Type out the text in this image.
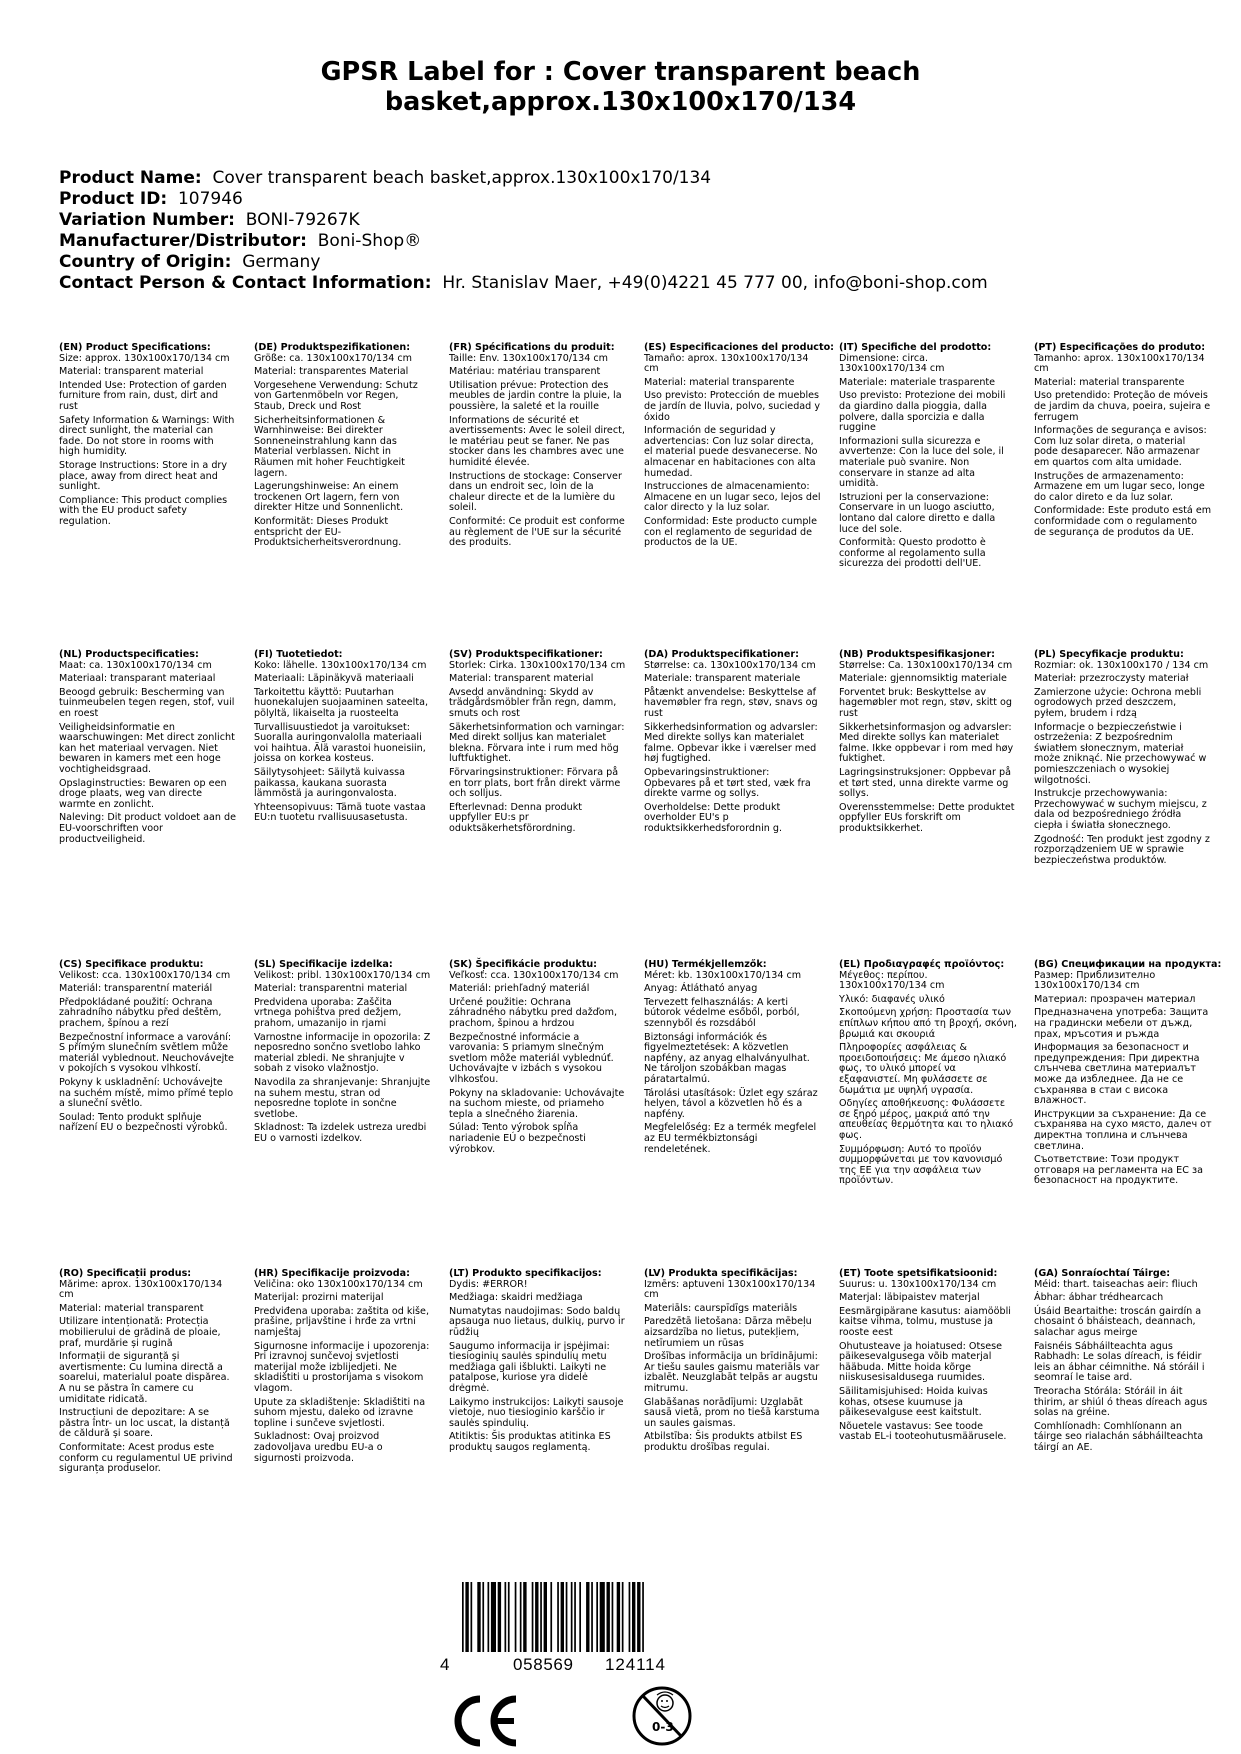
GPSR Label for : Cover transparent beach basket,approx.130x100x170/134
Product Name: Cover transparent beach basket,approx.130x100x170/134
Product ID: 107946
Variation Number: BONI-79267K
Manufacturer/Distributor: Boni-Shop®
Country of Origin: Germany
Contact Person & Contact Information: Hr. Stanislav Maer, +49(0)4221 45 777 00, info@boni-shop.com
(EN) Product Specifications:
Size: approx. 130x100x170/134 cm
Material: transparent material
Intended Use: Protection of garden furniture from rain, dust, dirt and rust
Safety Information & Warnings: With direct sunlight, the material can fade. Do not store in rooms with high humidity.
Storage Instructions: Store in a dry place, away from direct heat and sunlight.
Compliance: This product complies with the EU product safety regulation.
(DE) Produktspezifikationen:
Größe: ca. 130x100x170/134 cm
Material: transparentes Material
Vorgesehene Verwendung: Schutz von Gartenmöbeln vor Regen, Staub, Dreck und Rost
Sicherheitsinformationen & Warnhinweise: Bei direkter Sonneneinstrahlung kann das Material verblassen. Nicht in Räumen mit hoher Feuchtigkeit lagern.
Lagerungshinweise: An einem trockenen Ort lagern, fern von direkter Hitze und Sonnenlicht.
Konformität: Dieses Produkt entspricht der EU-Produktsicherheitsverordnung.
(FR) Spécifications du produit:
Taille: Env. 130x100x170/134 cm
Matériau: matériau transparent
Utilisation prévue: Protection des meubles de jardin contre la pluie, la poussière, la saleté et la rouille
Informations de sécurité et avertissements: Avec le soleil direct, le matériau peut se faner. Ne pas stocker dans les chambres avec une humidité élevée.
Instructions de stockage: Conserver dans un endroit sec, loin de la chaleur directe et de la lumière du soleil.
Conformité: Ce produit est conforme au règlement de l'UE sur la sécurité des produits.
(ES) Especificaciones del producto:
Tamaño: aprox. 130x100x170/134 cm
Material: material transparente
Uso previsto: Protección de muebles de jardín de lluvia, polvo, suciedad y óxido
Información de seguridad y advertencias: Con luz solar directa, el material puede desvanecerse. No almacenar en habitaciones con alta humedad.
Instrucciones de almacenamiento: Almacene en un lugar seco, lejos del calor directo y la luz solar.
Conformidad: Este producto cumple con el reglamento de seguridad de productos de la UE.
(IT) Specifiche del prodotto:
Dimensione: circa. 130x100x170/134 cm
Materiale: materiale trasparente
Uso previsto: Protezione dei mobili da giardino dalla pioggia, dalla polvere, dalla sporcizia e dalla ruggine
Informazioni sulla sicurezza e avvertenze: Con la luce del sole, il materiale può svanire. Non conservare in stanze ad alta umidità.
Istruzioni per la conservazione: Conservare in un luogo asciutto, lontano dal calore diretto e dalla luce del sole.
Conformità: Questo prodotto è conforme al regolamento sulla sicurezza dei prodotti dell'UE.
(PT) Especificações do produto:
Tamanho: aprox. 130x100x170/134 cm
Material: material transparente
Uso pretendido: Proteção de móveis de jardim da chuva, poeira, sujeira e ferrugem
Informações de segurança e avisos: Com luz solar direta, o material pode desaparecer. Não armazenar em quartos com alta umidade.
Instruções de armazenamento: Armazene em um lugar seco, longe do calor direto e da luz solar.
Conformidade: Este produto está em conformidade com o regulamento de segurança de produtos da UE.
(NL) Productspecificaties:
Maat: ca. 130x100x170/134 cm
Materiaal: transparant materiaal
Beoogd gebruik: Bescherming van tuinmeubelen tegen regen, stof, vuil en roest
Veiligheidsinformatie en waarschuwingen: Met direct zonlicht kan het materiaal vervagen. Niet bewaren in kamers met een hoge vochtigheidsgraad.
Opslaginstructies: Bewaren op een droge plaats, weg van directe warmte en zonlicht.
Naleving: Dit product voldoet aan de EU-voorschriften voor productveiligheid.
(FI) Tuotetiedot:
Koko: lähelle. 130x100x170/134 cm
Materiaali: Läpinäkyvä materiaali
Tarkoitettu käyttö: Puutarhan huonekalujen suojaaminen sateelta, pölyltä, likaiselta ja ruosteelta
Turvallisuustiedot ja varoitukset: Suoralla auringonvalolla materiaali voi haihtua. Älä varastoi huoneisiin, joissa on korkea kosteus.
Säilytysohjeet: Säilytä kuivassa paikassa, kaukana suorasta lämmöstä ja auringonvalosta.
Yhteensopivuus: Tämä tuote vastaa EU:n tuotetu rvallisuusasetusta.
(SV) Produktspecifikationer:
Storlek: Cirka. 130x100x170/134 cm
Material: transparent material
Avsedd användning: Skydd av trädgårdsmöbler från regn, damm, smuts och rost
Säkerhetsinformation och varningar: Med direkt solljus kan materialet blekna. Förvara inte i rum med hög luftfuktighet.
Förvaringsinstruktioner: Förvara på en torr plats, bort från direkt värme och solljus.
Efterlevnad: Denna produkt uppfyller EU:s pr oduktsäkerhetsförordning.
(DA) Produktspecifikationer:
Størrelse: ca. 130x100x170/134 cm
Materiale: transparent materiale
Påtænkt anvendelse: Beskyttelse af havemøbler fra regn, støv, snavs og rust
Sikkerhedsinformation og advarsler: Med direkte sollys kan materialet falme. Opbevar ikke i værelser med høj fugtighed.
Opbevaringsinstruktioner: Opbevares på et tørt sted, væk fra direkte varme og sollys.
Overholdelse: Dette produkt overholder EU's p roduktsikkerhedsforordnin g.
(NB) Produktspesifikasjoner:
Størrelse: Ca. 130x100x170/134 cm
Materiale: gjennomsiktig materiale
Forventet bruk: Beskyttelse av hagemøbler mot regn, støv, skitt og rust
Sikkerhetsinformasjon og advarsler: Med direkte sollys kan materialet falme. Ikke oppbevar i rom med høy fuktighet.
Lagringsinstruksjoner: Oppbevar på et tørt sted, unna direkte varme og sollys.
Overensstemmelse: Dette produktet oppfyller EUs forskrift om produktsikkerhet.
(PL) Specyfikacje produktu:
Rozmiar: ok. 130x100x170 / 134 cm
Materiał: przezroczysty materiał
Zamierzone użycie: Ochrona mebli ogrodowych przed deszczem, pyłem, brudem i rdzą
Informacje o bezpieczeństwie i ostrzeżenia: Z bezpośrednim światłem słonecznym, materiał może zniknąć. Nie przechowywać w pomieszczeniach o wysokiej wilgotności.
Instrukcje przechowywania: Przechowywać w suchym miejscu, z dala od bezpośredniego źródła ciepła i światła słonecznego.
Zgodność: Ten produkt jest zgodny z rozporządzeniem UE w sprawie bezpieczeństwa produktów.
(CS) Specifikace produktu:
Velikost: cca. 130x100x170/134 cm
Materiál: transparentní materiál
Předpokládané použití: Ochrana zahradního nábytku před deštěm, prachem, špínou a rezí
Bezpečnostní informace a varování: S přímým slunečním světlem může materiál vyblednout. Neuchovávejte v pokojích s vysokou vlhkostí.
Pokyny k uskladnění: Uchovávejte na suchém místě, mimo přímé teplo a sluneční světlo.
Soulad: Tento produkt splňuje nařízení EU o bezpečnosti výrobků.
(SL) Specifikacije izdelka:
Velikost: pribl. 130x100x170/134 cm
Material: transparentni material
Predvidena uporaba: Zaščita vrtnega pohištva pred dežjem, prahom, umazanijo in rjami
Varnostne informacije in opozorila: Z neposredno sončno svetlobo lahko material zbledi. Ne shranjujte v sobah z visoko vlažnostjo.
Navodila za shranjevanje: Shranjujte na suhem mestu, stran od neposredne toplote in sončne svetlobe.
Skladnost: Ta izdelek ustreza uredbi EU o varnosti izdelkov.
(SK) Špecifikácie produktu:
Veľkosť: cca. 130x100x170/134 cm
Materiál: priehľadný materiál
Určené použitie: Ochrana záhradného nábytku pred dažďom, prachom, špinou a hrdzou
Bezpečnostné informácie a varovania: S priamym slnečným svetlom môže materiál vyblednúť. Uchovávajte v izbách s vysokou vlhkosťou.
Pokyny na skladovanie: Uchovávajte na suchom mieste, od priameho tepla a slnečného žiarenia.
Súlad: Tento výrobok spĺňa nariadenie EÚ o bezpečnosti výrobkov.
(HU) Termékjellemzők:
Méret: kb. 130x100x170/134 cm
Anyag: Átlátható anyag
Tervezett felhasználás: A kerti bútorok védelme esőből, porból, szennyből és rozsdából
Biztonsági információk és figyelmeztetések: A közvetlen napfény, az anyag elhalványulhat. Ne tároljon szobákban magas páratartalmú.
Tárolási utasítások: Üzlet egy száraz helyen, távol a közvetlen hő és a napfény.
Megfelelőség: Ez a termék megfelel az EU termékbiztonsági rendeletének.
(EL) Προδιαγραφές προϊόντος:
Μέγεθος: περίπου. 130x100x170/134 cm
Υλικό: διαφανές υλικό
Σκοπούμενη χρήση: Προστασία των επίπλων κήπου από τη βροχή, σκόνη, βρωμιά και σκουριά
Πληροφορίες ασφάλειας & προειδοποιήσεις: Με άμεσο ηλιακό φως, το υλικό μπορεί να εξαφανιστεί. Μη φυλάσσετε σε δωμάτια με υψηλή υγρασία.
Οδηγίες αποθήκευσης: Φυλάσσετε σε ξηρό μέρος, μακριά από την απευθείας θερμότητα και το ηλιακό φως.
Συμμόρφωση: Αυτό το προϊόν συμμορφώνεται με τον κανονισμό της ΕΕ για την ασφάλεια των προϊόντων.
(BG) Спецификации на продукта:
Размер: Приблизително 130x100x170/134 cm
Материал: прозрачен материал
Предназначена употреба: Защита на градински мебели от дъжд, прах, мръсотия и ръжда
Информация за безопасност и предупреждения: При директна слънчева светлина материалът може да избледнее. Да не се съхранява в стаи с висока влажност.
Инструкции за съхранение: Да се съхранява на сухо място, далеч от директна топлина и слънчева светлина.
Съответствие: Този продукт отговаря на регламента на ЕС за безопасност на продуктите.
(RO) Specificații produs:
Mărime: aprox. 130x100x170/134 cm
Material: material transparent
Utilizare intenționată: Protecția mobilierului de grădină de ploaie, praf, murdărie și rugină
Informații de siguranță și avertismente: Cu lumina directă a soarelui, materialul poate dispărea. A nu se păstra în camere cu umiditate ridicată.
Instrucțiuni de depozitare: A se păstra într- un loc uscat, la distanță de căldură și soare.
Conformitate: Acest produs este conform cu regulamentul UE privind siguranța produselor.
(HR) Specifikacije proizvoda:
Veličina: oko 130x100x170/134 cm
Materijal: prozirni materijal
Predviđena uporaba: zaštita od kiše, prašine, prljavštine i hrđe za vrtni namještaj
Sigurnosne informacije i upozorenja: Pri izravnoj sunčevoj svjetlosti materijal može izblijedjeti. Ne skladištiti u prostorijama s visokom vlagom.
Upute za skladištenje: Skladištiti na suhom mjestu, daleko od izravne topline i sunčeve svjetlosti.
Sukladnost: Ovaj proizvod zadovoljava uredbu EU-a o sigurnosti proizvoda.
(LT) Produkto specifikacijos:
Dydis: #ERROR!
Medžiaga: skaidri medžiaga
Numatytas naudojimas: Sodo baldų apsauga nuo lietaus, dulkių, purvo ir rūdžių
Saugumo informacija ir įspėjimai: tiesioginių saulės spindulių metu medžiaga gali išblukti. Laikyti ne patalpose, kuriose yra didelė drėgmė.
Laikymo instrukcijos: Laikyti sausoje vietoje, nuo tiesioginio karščio ir saulės spindulių.
Atitiktis: Šis produktas atitinka ES produktų saugos reglamentą.
(LV) Produkta specifikācijas:
Izmērs: aptuveni 130x100x170/134 cm
Materiāls: caurspīdīgs materiāls
Paredzētā lietošana: Dārza mēbeļu aizsardzība no lietus, putekļiem, netīrumiem un rūsas
Drošības informācija un brīdinājumi: Ar tiešu saules gaismu materiāls var izbalēt. Neuzglabāt telpās ar augstu mitrumu.
Glabāšanas norādījumi: Uzglabāt sausā vietā, prom no tiešā karstuma un saules gaismas.
Atbilstība: Šis produkts atbilst ES produktu drošības regulai.
(ET) Toote spetsifikatsioonid:
Suurus: u. 130x100x170/134 cm
Materjal: läbipaistev materjal
Eesmärgipärane kasutus: aiamööbli kaitse vihma, tolmu, mustuse ja rooste eest
Ohutusteave ja hoiatused: Otsese päikesevalgusega võib materjal hääbuda. Mitte hoida kõrge niiskusesisaldusega ruumides.
Säilitamisjuhised: Hoida kuivas kohas, otsese kuumuse ja päikesevalguse eest kaitstult.
Nõuetele vastavus: See toode vastab EL-i tooteohutusmäärusele.
(GA) Sonraíochtaí Táirge:
Méid: thart. taiseachas aeir: fliuch
Ábhar: ábhar trédhearcach
Úsáid Beartaithe: troscán gairdín a chosaint ó bháisteach, deannach, salachar agus meirge
Faisnéis Sábháilteachta agus Rabhadh: Le solas díreach, is féidir leis an ábhar céimnithe. Ná stóráil i seomraí le taise ard.
Treoracha Stórála: Stóráil in áit thirim, ar shiúl ó theas díreach agus solas na gréine.
Comhlíonadh: Comhlíonann an táirge seo rialachán sábháilteachta táirgí an AE.
4	058569 124114
0-3
